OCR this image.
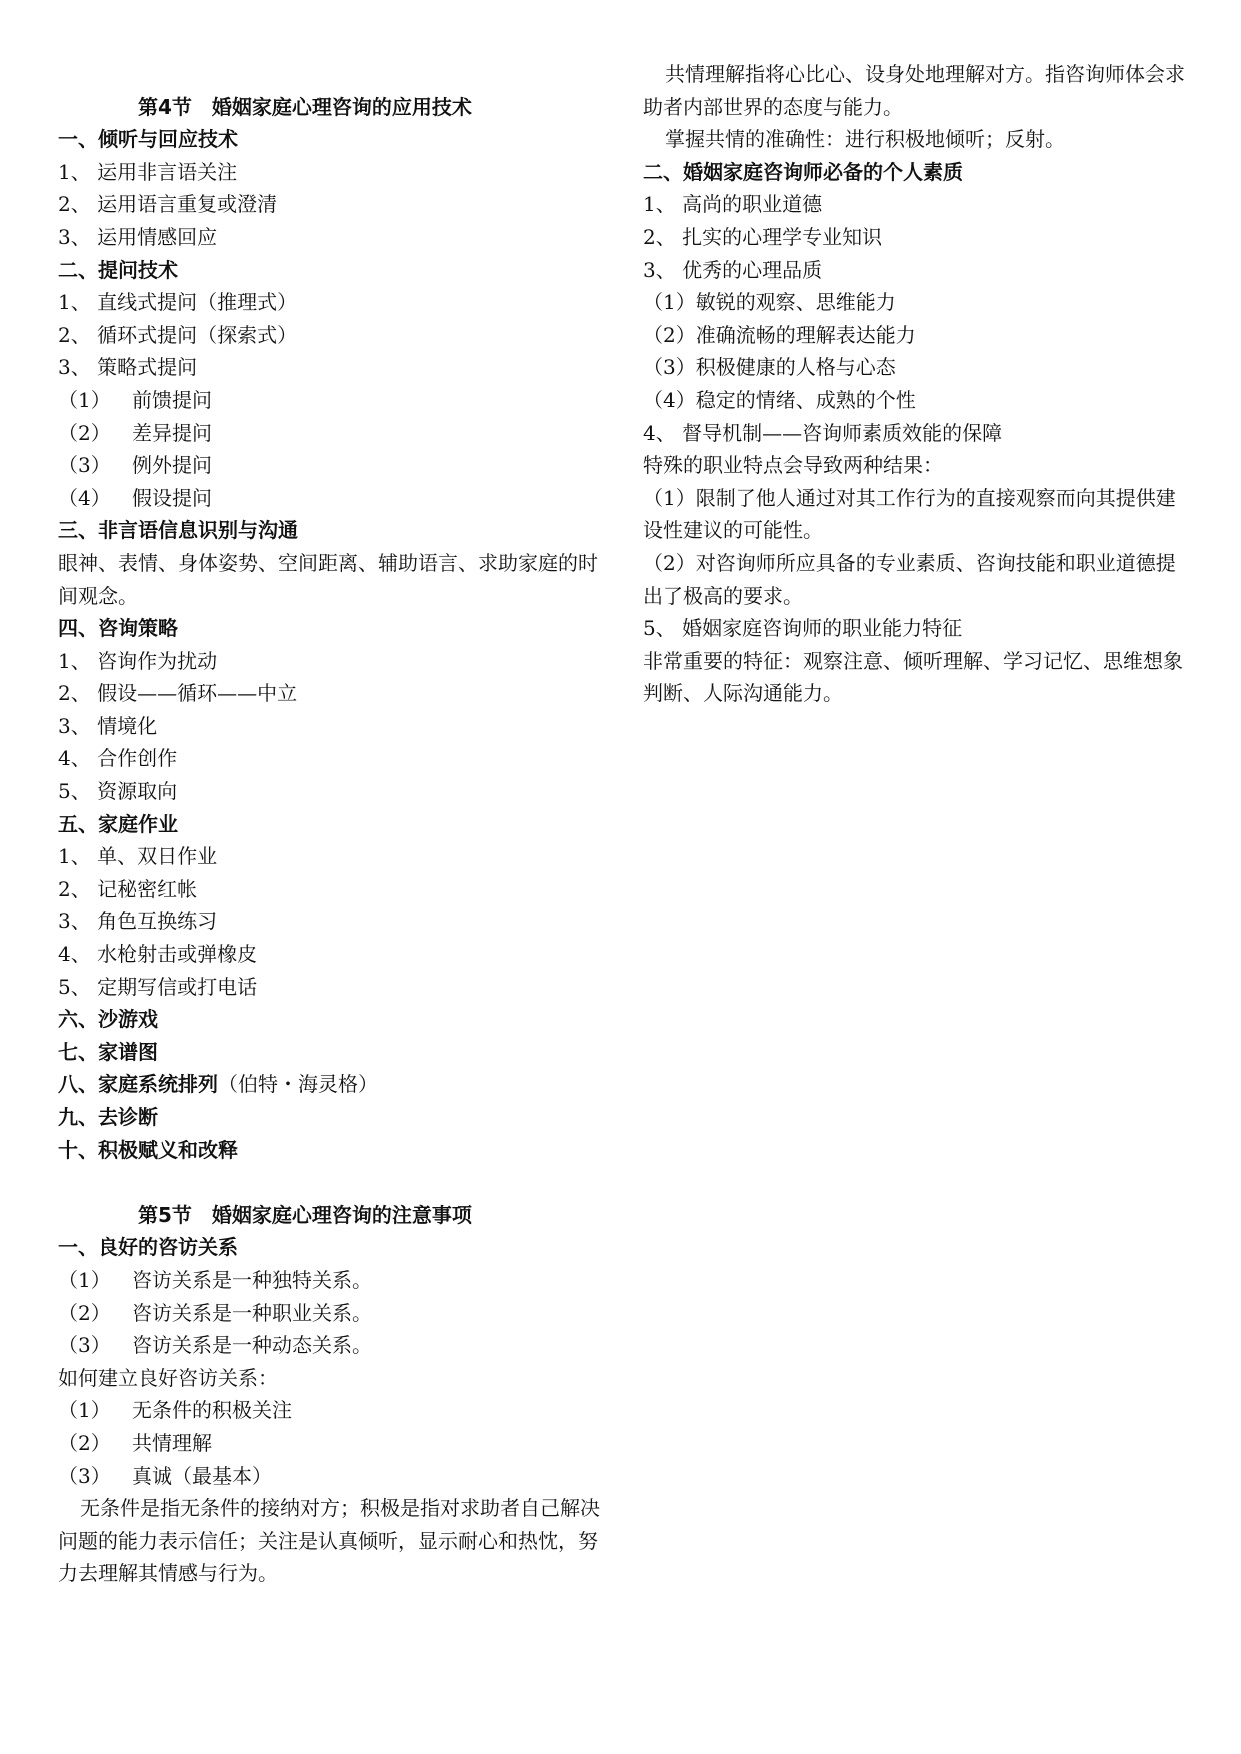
第4节　婚姻家庭心理咨询的应用技术
一、倾听与回应技术
1、 运用非言语关注
2、 运用语言重复或澄清
3、 运用情感回应
二、提问技术
1、 直线式提问（推理式）
2、 循环式提问（探索式）
3、 策略式提问
（1） 前馈提问
（2） 差异提问
（3） 例外提问
（4） 假设提问
三、非言语信息识别与沟通
眼神、表情、身体姿势、空间距离、辅助语言、求助家庭的时间观念。
四、咨询策略
1、 咨询作为扰动
2、 假设——循环——中立
3、 情境化
4、 合作创作
5、 资源取向
五、家庭作业
1、 单、双日作业
2、 记秘密红帐
3、 角色互换练习
4、 水枪射击或弹橡皮
5、 定期写信或打电话
六、沙游戏
七、家谱图
八、家庭系统排列（伯特・海灵格）
九、去诊断
十、积极赋义和改释
第5节　婚姻家庭心理咨询的注意事项
一、良好的咨访关系
（1） 咨访关系是一种独特关系。
（2） 咨访关系是一种职业关系。
（3） 咨访关系是一种动态关系。
如何建立良好咨访关系：
（1） 无条件的积极关注
（2） 共情理解
（3） 真诚（最基本）
无条件是指无条件的接纳对方；积极是指对求助者自己解决问题的能力表示信任；关注是认真倾听，显示耐心和热忱，努力去理解其情感与行为。
共情理解指将心比心、设身处地理解对方。指咨询师体会求助者内部世界的态度与能力。
掌握共情的准确性：进行积极地倾听；反射。
二、婚姻家庭咨询师必备的个人素质
1、 高尚的职业道德
2、 扎实的心理学专业知识
3、 优秀的心理品质
（1）敏锐的观察、思维能力
（2）准确流畅的理解表达能力
（3）积极健康的人格与心态
（4）稳定的情绪、成熟的个性
4、 督导机制——咨询师素质效能的保障
特殊的职业特点会导致两种结果：
（1）限制了他人通过对其工作行为的直接观察而向其提供建设性建议的可能性。
（2）对咨询师所应具备的专业素质、咨询技能和职业道德提出了极高的要求。
5、 婚姻家庭咨询师的职业能力特征
非常重要的特征：观察注意、倾听理解、学习记忆、思维想象判断、人际沟通能力。
